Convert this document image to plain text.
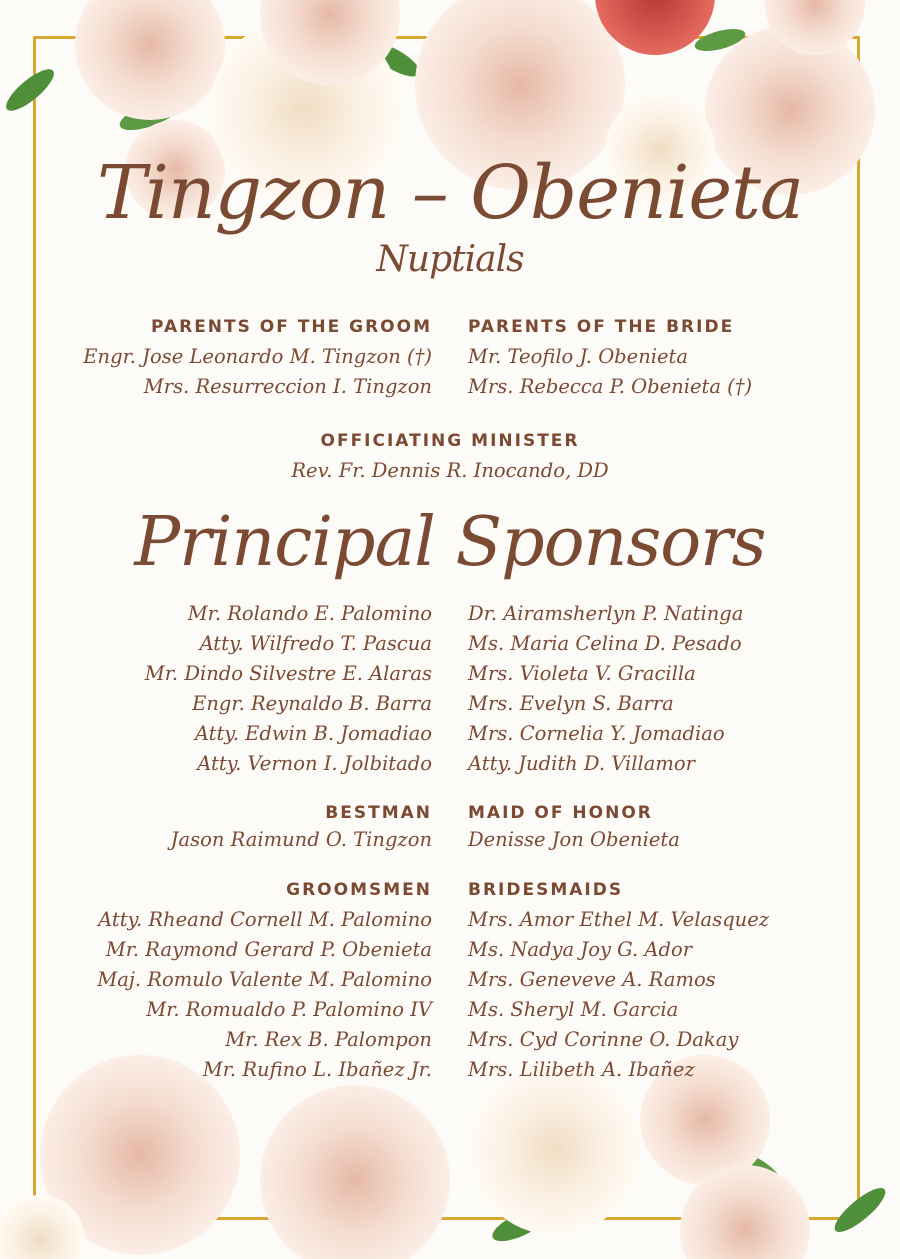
Tingzon – Obenieta
Nuptials
PARENTS OF THE GROOM
Engr. Jose Leonardo M. Tingzon (†)
Mrs. Resurreccion I. Tingzon
PARENTS OF THE BRIDE
Mr. Teofilo J. Obenieta
Mrs. Rebecca P. Obenieta (†)
OFFICIATING MINISTER
Rev. Fr. Dennis R. Inocando, DD
Principal Sponsors
Mr. Rolando E. Palomino
Atty. Wilfredo T. Pascua
Mr. Dindo Silvestre E. Alaras
Engr. Reynaldo B. Barra
Atty. Edwin B. Jomadiao
Atty. Vernon I. Jolbitado
Dr. Airamsherlyn P. Natinga
Ms. Maria Celina D. Pesado
Mrs. Violeta V. Gracilla
Mrs. Evelyn S. Barra
Mrs. Cornelia Y. Jomadiao
Atty. Judith D. Villamor
BESTMAN
Jason Raimund O. Tingzon
MAID OF HONOR
Denisse Jon Obenieta
GROOMSMEN
Atty. Rheand Cornell M. Palomino
Mr. Raymond Gerard P. Obenieta
Maj. Romulo Valente M. Palomino
Mr. Romualdo P. Palomino IV
Mr. Rex B. Palompon
Mr. Rufino L. Ibañez Jr.
BRIDESMAIDS
Mrs. Amor Ethel M. Velasquez
Ms. Nadya Joy G. Ador
Mrs. Geneveve A. Ramos
Ms. Sheryl M. Garcia
Mrs. Cyd Corinne O. Dakay
Mrs. Lilibeth A. Ibañez
